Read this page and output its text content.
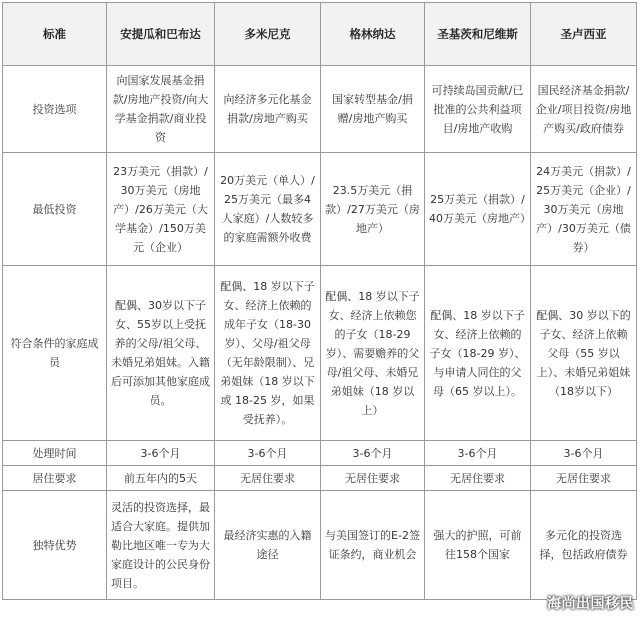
标准	安提瓜和巴布达	多米尼克	格林纳达	圣基茨和尼维斯	圣卢西亚
投资选项	向国家发展基金捐款/房地产投资/向大学基金捐款/商业投资	向经济多元化基金捐款/房地产购买	国家转型基金/捐赠/房地产购买	可持续岛国贡献/已批准的公共利益项目/房地产收购	国民经济基金捐款/企业/项目投资/房地产购买/政府债券
最低投资	23万美元（捐款）/30万美元（房地产）/26万美元（大学基金）/150万美元（企业）	20万美元（单人）/25万美元（最多4人家庭）/人数较多的家庭需额外收费	23.5万美元（捐款）/27万美元（房地产）	25万美元（捐款）/40万美元（房地产）	24万美元（捐款）/25万美元（企业）/30万美元（房地产）/30万美元（债券）
符合条件的家庭成员	配偶、30岁以下子女、55岁以上受抚养的父母/祖父母、未婚兄弟姐妹。入籍后可添加其他家庭成员。	配偶、18 岁以下子女、经济上依赖的成年子女（18-30岁）、父母/祖父母（无年龄限制）、兄弟姐妹（18 岁以下或 18-25 岁，如果受抚养）。	配偶、18 岁以下子女、经济上依赖您的子女（18-29 岁）、需要赡养的父母/祖父母、未婚兄弟姐妹（18 岁以上）	配偶、18 岁以下子女、经济上依赖的子女（18-29 岁）、与申请人同住的父母（65 岁以上）。	配偶、30 岁以下的子女、经济上依赖父母（55 岁以上）、未婚兄弟姐妹（18岁以下）
处理时间	3-6个月	3-6个月	3-6个月	3-6个月	3-6个月
居住要求	前五年内的5天	无居住要求	无居住要求	无居住要求	无居住要求
独特优势	灵活的投资选择，最适合大家庭。提供加勒比地区唯一专为大家庭设计的公民身份项目。	最经济实惠的入籍途径	与美国签订的E-2签证条约，商业机会	强大的护照，可前往158个国家	多元化的投资选择，包括政府债券
海尚出国移民
